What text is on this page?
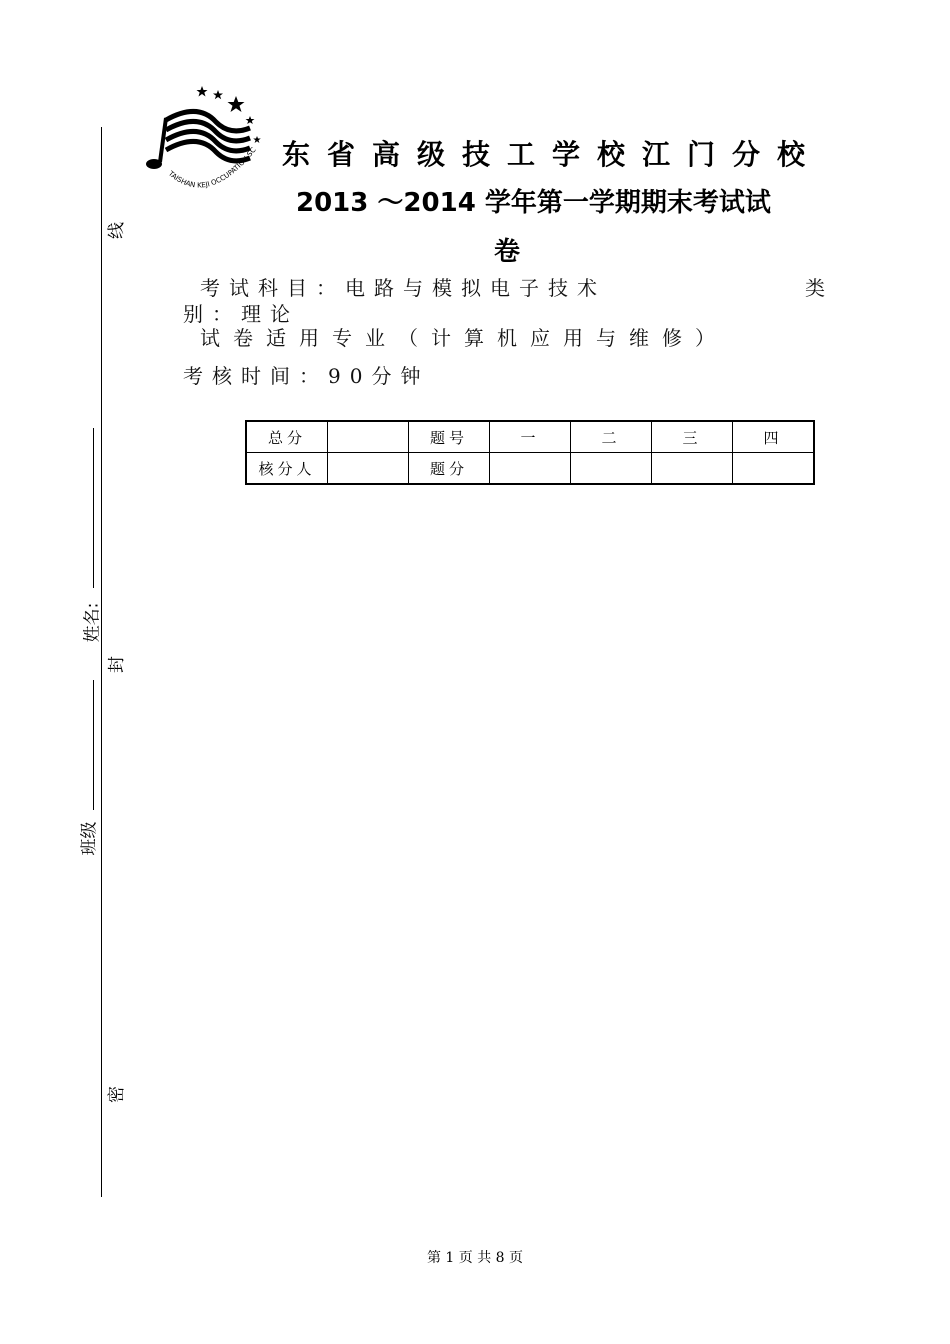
线
封
密
姓名:
班级
TAISHAN KEJI OCCUPATION SC 东省高级技工学校江门分校
2013 ～2014 学年第一学期期末考试试
卷
考试科目：电路与模拟电子技术	类
别：理论
试卷适用专业（计算机应用与维修）
考核时间：90分钟
总分		题号	一	二	三	四
核分人		题分				
第 1 页 共 8 页
